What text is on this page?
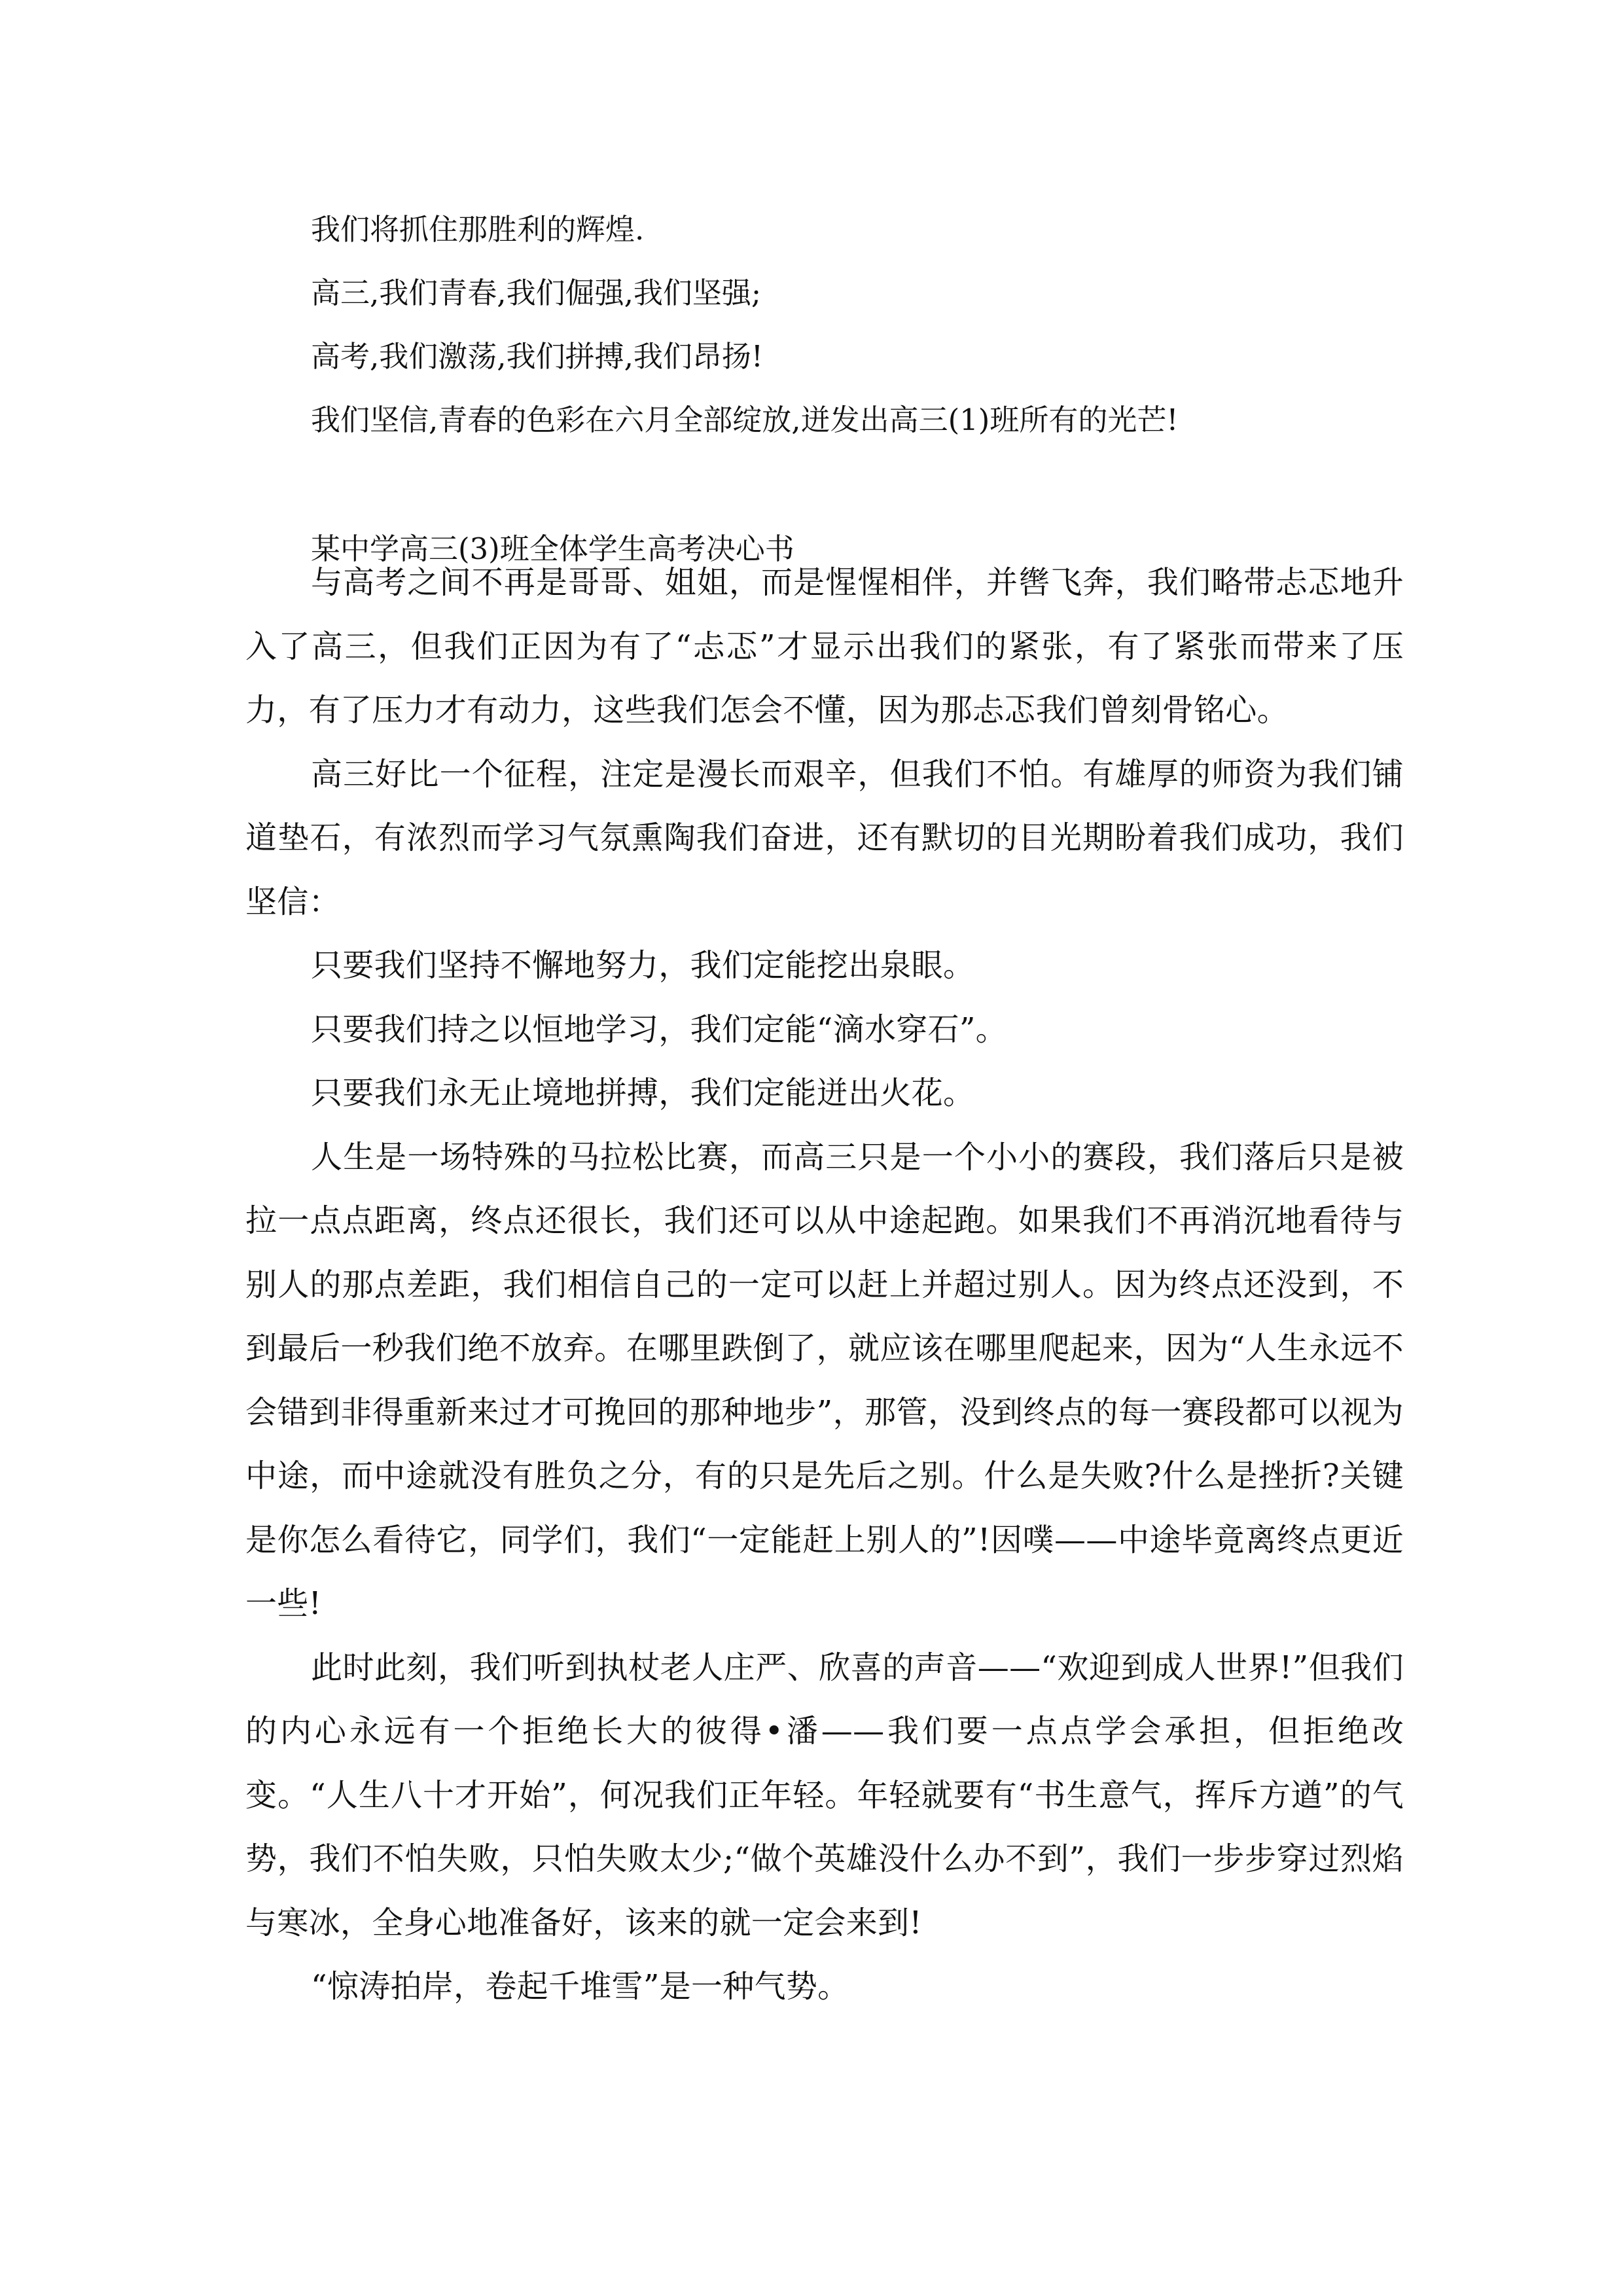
我们将抓住那胜利的辉煌.
高三,我们青春,我们倔强,我们坚强;
高考,我们激荡,我们拼搏,我们昂扬!
我们坚信,青春的色彩在六月全部绽放,迸发出高三(1)班所有的光芒!
某中学高三(3)班全体学生高考决心书

与高考之间不再是哥哥、姐姐，而是惺惺相伴，并辔飞奔，我们略带忐忑地升入了高三，但我们正因为有了“忐忑”才显示出我们的紧张，有了紧张而带来了压力，有了压力才有动力，这些我们怎会不懂，因为那忐忑我们曾刻骨铭心。

高三好比一个征程，注定是漫长而艰辛，但我们不怕。有雄厚的师资为我们铺道垫石，有浓烈而学习气氛熏陶我们奋进，还有默切的目光期盼着我们成功，我们坚信：

只要我们坚持不懈地努力，我们定能挖出泉眼。

只要我们持之以恒地学习，我们定能“滴水穿石”。

只要我们永无止境地拼搏，我们定能迸出火花。

人生是一场特殊的马拉松比赛，而高三只是一个小小的赛段，我们落后只是被拉一点点距离，终点还很长，我们还可以从中途起跑。如果我们不再消沉地看待与别人的那点差距，我们相信自己的一定可以赶上并超过别人。因为终点还没到，不到最后一秒我们绝不放弃。在哪里跌倒了，就应该在哪里爬起来，因为“人生永远不会错到非得重新来过才可挽回的那种地步”，那管，没到终点的每一赛段都可以视为中途，而中途就没有胜负之分，有的只是先后之别。什么是失败?什么是挫折?关键是你怎么看待它，同学们，我们“一定能赶上别人的”!因噗——中途毕竟离终点更近一些!

此时此刻，我们听到执杖老人庄严、欣喜的声音——“欢迎到成人世界!”但我们的内心永远有一个拒绝长大的彼得•潘——我们要一点点学会承担，但拒绝改变。“人生八十才开始”，何况我们正年轻。年轻就要有“书生意气，挥斥方遒”的气势，我们不怕失败，只怕失败太少;“做个英雄没什么办不到”，我们一步步穿过烈焰与寒冰，全身心地准备好，该来的就一定会来到!

“惊涛拍岸，卷起千堆雪”是一种气势。
